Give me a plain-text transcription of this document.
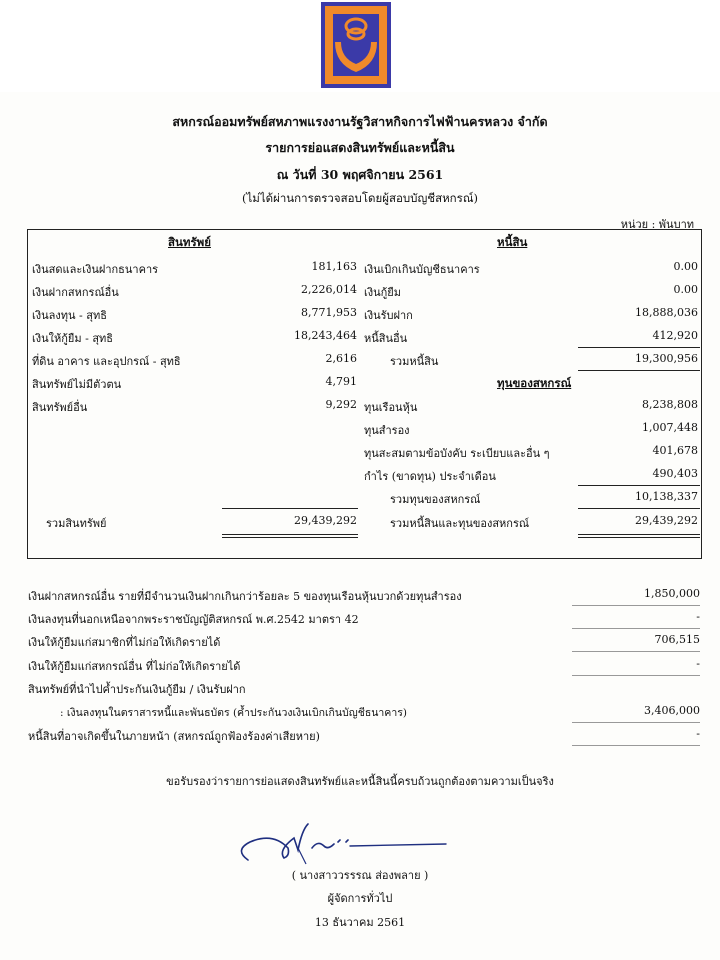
สหกรณ์ออมทรัพย์สหภาพแรงงานรัฐวิสาหกิจการไฟฟ้านครหลวง จำกัด
รายการย่อแสดงสินทรัพย์และหนี้สิน
ณ วันที่ 30 พฤศจิกายน 2561
(ไม่ได้ผ่านการตรวจสอบโดยผู้สอบบัญชีสหกรณ์)
หน่วย : พันบาท
สินทรัพย์	หนี้สิน
เงินสดและเงินฝากธนาคาร	181,163
เงินฝากสหกรณ์อื่น	2,226,014
เงินลงทุน - สุทธิ	8,771,953
เงินให้กู้ยืม - สุทธิ	18,243,464
ที่ดิน อาคาร และอุปกรณ์ - สุทธิ	2,616
สินทรัพย์ไม่มีตัวตน	4,791
สินทรัพย์อื่น	9,292
รวมสินทรัพย์	29,439,292
เงินเบิกเกินบัญชีธนาคาร	0.00
เงินกู้ยืม	0.00
เงินรับฝาก	18,888,036
หนี้สินอื่น	412,920
รวมหนี้สิน	19,300,956
ทุนของสหกรณ์
ทุนเรือนหุ้น	8,238,808
ทุนสำรอง	1,007,448
ทุนสะสมตามข้อบังคับ ระเบียบและอื่น ๆ	401,678
กำไร (ขาดทุน) ประจำเดือน	490,403
รวมทุนของสหกรณ์	10,138,337
รวมหนี้สินและทุนของสหกรณ์	29,439,292
เงินฝากสหกรณ์อื่น รายที่มีจำนวนเงินฝากเกินกว่าร้อยละ 5 ของทุนเรือนหุ้นบวกด้วยทุนสำรอง	1,850,000
เงินลงทุนที่นอกเหนือจากพระราชบัญญัติสหกรณ์ พ.ศ.2542 มาตรา 42	-
เงินให้กู้ยืมแก่สมาชิกที่ไม่ก่อให้เกิดรายได้	706,515
เงินให้กู้ยืมแก่สหกรณ์อื่น ที่ไม่ก่อให้เกิดรายได้	-
สินทรัพย์ที่นำไปค้ำประกันเงินกู้ยืม / เงินรับฝาก
: เงินลงทุนในตราสารหนี้และพันธบัตร (ค้ำประกันวงเงินเบิกเกินบัญชีธนาคาร)	3,406,000
หนี้สินที่อาจเกิดขึ้นในภายหน้า (สหกรณ์ถูกฟ้องร้องค่าเสียหาย)	-
ขอรับรองว่ารายการย่อแสดงสินทรัพย์และหนี้สินนี้ครบถ้วนถูกต้องตามความเป็นจริง
( นางสาววรรรณ ส่องพลาย )
ผู้จัดการทั่วไป
13 ธันวาคม 2561
